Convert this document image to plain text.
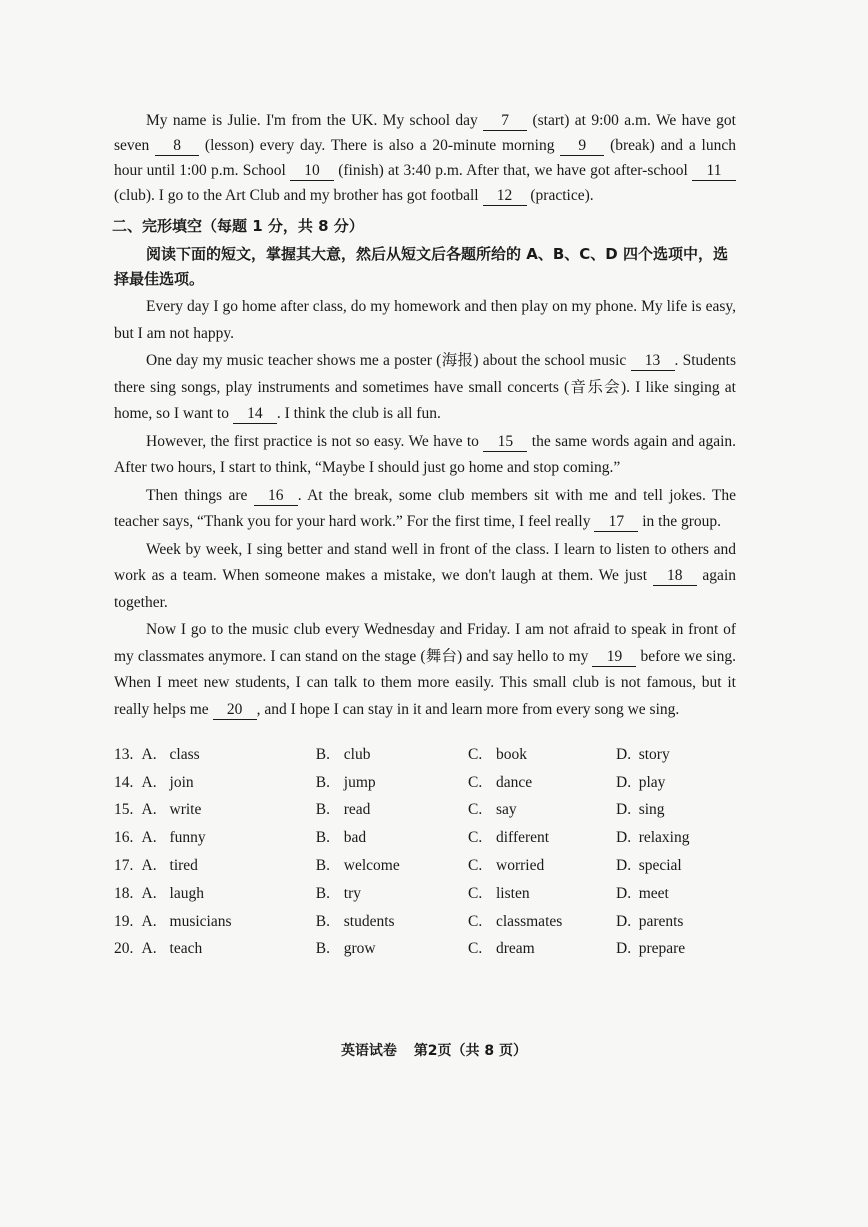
My name is Julie. I'm from the UK. My school day 7 (start) at 9:00 a.m. We have got seven 8 (lesson) every day. There is also a 20-minute morning 9 (break) and a lunch hour until 1:00 p.m. School 10 (finish) at 3:40 p.m. After that, we have got after-school 11 (club). I go to the Art Club and my brother has got football 12 (practice).

二、完形填空（每题 1 分，共 8 分）

阅读下面的短文，掌握其大意，然后从短文后各题所给的 A、B、C、D 四个选项中，选择最佳选项。

Every day I go home after class, do my homework and then play on my phone. My life is easy, but I am not happy.

One day my music teacher shows me a poster (海报) about the school music 13 . Students there sing songs, play instruments and sometimes have small concerts (音乐会). I like singing at home, so I want to 14 . I think the club is all fun.

However, the first practice is not so easy. We have to 15 the same words again and again. After two hours, I start to think, “Maybe I should just go home and stop coming.”

Then things are 16 . At the break, some club members sit with me and tell jokes. The teacher says, “Thank you for your hard work.” For the first time, I feel really 17 in the group.

Week by week, I sing better and stand well in front of the class. I learn to listen to others and work as a team. When someone makes a mistake, we don't laugh at them. We just 18 again together.

Now I go to the music club every Wednesday and Friday. I am not afraid to speak in front of my classmates anymore. I can stand on the stage (舞台) and say hello to my 19 before we sing. When I meet new students, I can talk to them more easily. This small club is not famous, but it really helps me 20 , and I hope I can stay in it and learn more from every song we sing.

13. A. class	B. club	C. book	D. story
14. A. join	B. jump	C. dance	D. play
15. A. write	B. read	C. say	D. sing
16. A. funny	B. bad	C. different	D. relaxing
17. A. tired	B. welcome	C. worried	D. special
18. A. laugh	B. try	C. listen	D. meet
19. A. musicians	B. students	C. classmates	D. parents
20. A. teach	B. grow	C. dream	D. prepare
英语试卷 第2页（共 8 页）
